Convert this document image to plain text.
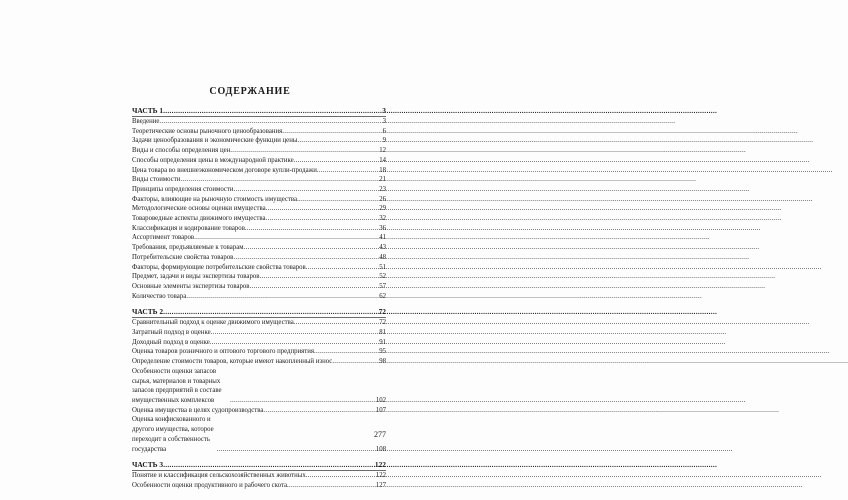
СОДЕРЖАНИЕ
ЧАСТЬ 1 .....	3
Введение .....	3
Теоретические основы рыночного ценообразования .....	6
Задачи ценообразования и экономические функции цены .....	9
Виды и способы определения цен .....	12
Способы определения цены в международной практике .....	14
Цена товара во внешнеэкономическом договоре купли-продажи .....	18
Виды стоимости .....	21
Принципы определения стоимости .....	23
Факторы, влияющие на рыночную стоимость имущества .....	26
Методологические основы оценки имущества .....	29
Товароведные аспекты движимого имущества .....	32
Классификация и кодирование товаров .....	36
Ассортимент товаров .....	41
Требования, предъявляемые к товарам .....	43
Потребительские свойства товаров .....	48
Факторы, формирующие потребительские свойства товаров .....	51
Предмет, задачи и виды экспертизы товаров .....	52
Основные элементы экспертизы товаров .....	57
Количество товара .....	62
ЧАСТЬ 2 .....	72
Сравнительный подход к оценке движимого имущества .....	72
Затратный подход в оценке .....	81
Доходный подход в оценке .....	91
Оценка товаров розничного и оптового торгового предприятия .....	95
Определение стоимости товаров, которые имеют накопленный износ .....	98
Особенности оценки запасов сырья, материалов и товарных запасов предприятий в составе имущественных комплексов .....	102
Оценка имущества в целях судопроизводства .....	107
Оценка конфискованного и другого имущества, которое переходит в собственность государства .....	108
ЧАСТЬ 3 .....	122
Понятие и классификация сельскохозяйственных животных .....	122
Особенности оценки продуктивного и рабочего скота .....	127
277
